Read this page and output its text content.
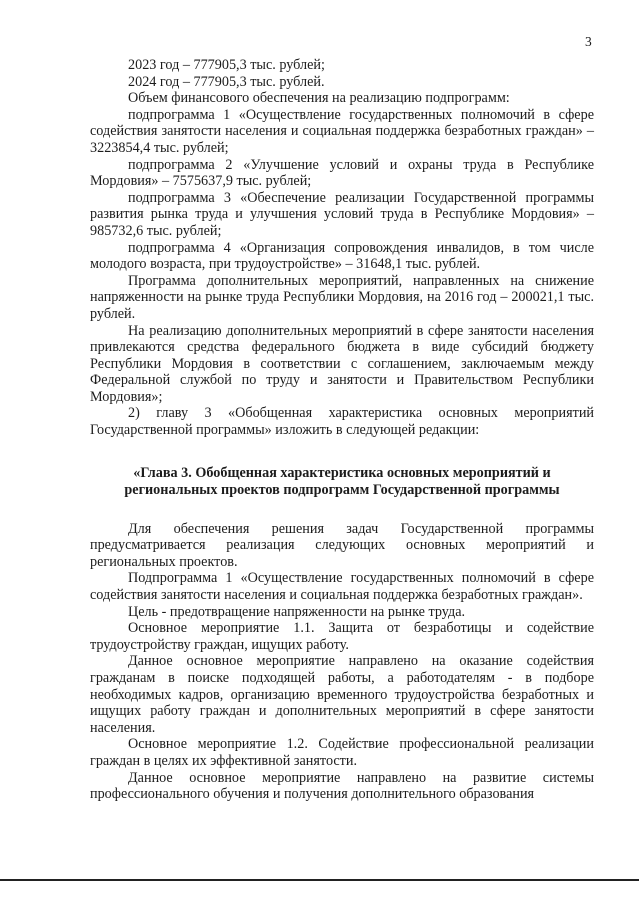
3

2023 год – 777905,3 тыс. рублей;

2024 год – 777905,3 тыс. рублей.

Объем финансового обеспечения на реализацию подпрограмм:

подпрограмма 1 «Осуществление государственных полномочий в сфере содействия занятости населения и социальная поддержка безработных граждан» – 3223854,4 тыс. рублей;

подпрограмма 2 «Улучшение условий и охраны труда в Республике Мордовия» – 7575637,9 тыс. рублей;

подпрограмма 3 «Обеспечение реализации Государственной программы развития рынка труда и улучшения условий труда в Республике Мордовия» – 985732,6 тыс. рублей;

подпрограмма 4 «Организация сопровождения инвалидов, в том числе молодого возраста, при трудоустройстве» – 31648,1 тыс. рублей.

Программа дополнительных мероприятий, направленных на снижение напряженности на рынке труда Республики Мордовия, на 2016 год – 200021,1 тыс. рублей.

На реализацию дополнительных мероприятий в сфере занятости населения привлекаются средства федерального бюджета в виде субсидий бюджету Республики Мордовия в соответствии с соглашением, заключаемым между Федеральной службой по труду и занятости и Правительством Республики Мордовия»;

2) главу 3 «Обобщенная характеристика основных мероприятий Государственной программы» изложить в следующей редакции:

«Глава 3. Обобщенная характеристика основных мероприятий и региональных проектов подпрограмм Государственной программы

Для обеспечения решения задач Государственной программы предусматривается реализация следующих основных мероприятий и региональных проектов.

Подпрограмма 1 «Осуществление государственных полномочий в сфере содействия занятости населения и социальная поддержка безработных граждан».

Цель - предотвращение напряженности на рынке труда.

Основное мероприятие 1.1. Защита от безработицы и содействие трудоустройству граждан, ищущих работу.

Данное основное мероприятие направлено на оказание содействия гражданам в поиске подходящей работы, а работодателям - в подборе необходимых кадров, организацию временного трудоустройства безработных и ищущих работу граждан и дополнительных мероприятий в сфере занятости населения.

Основное мероприятие 1.2. Содействие профессиональной реализации граждан в целях их эффективной занятости.

Данное основное мероприятие направлено на развитие системы профессионального обучения и получения дополнительного образования
